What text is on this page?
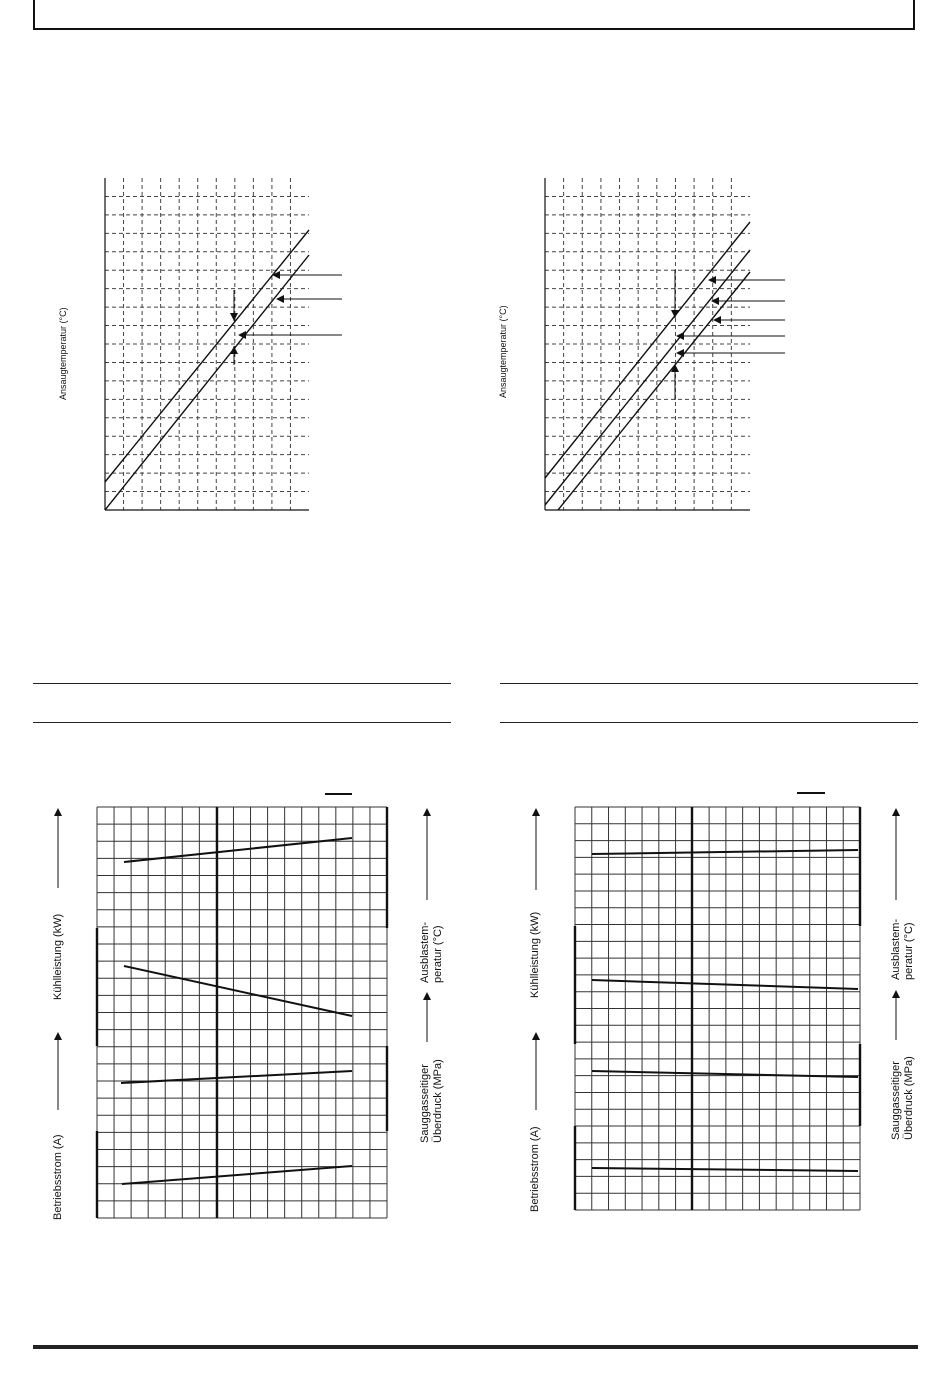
Ansaugtemperatur (°C)	Ansaugtemperatur (°C)
Betriebsstrom (A)
Kühlleistung (kW)	Ausblastem- peratur (°C)
Sauggasseitiger Überdruck (MPa)
Betriebsstrom (A)
Kühlleistung (kW)	Ausblastem- peratur (°C)
Sauggasseitiger Überdruck (MPa)
